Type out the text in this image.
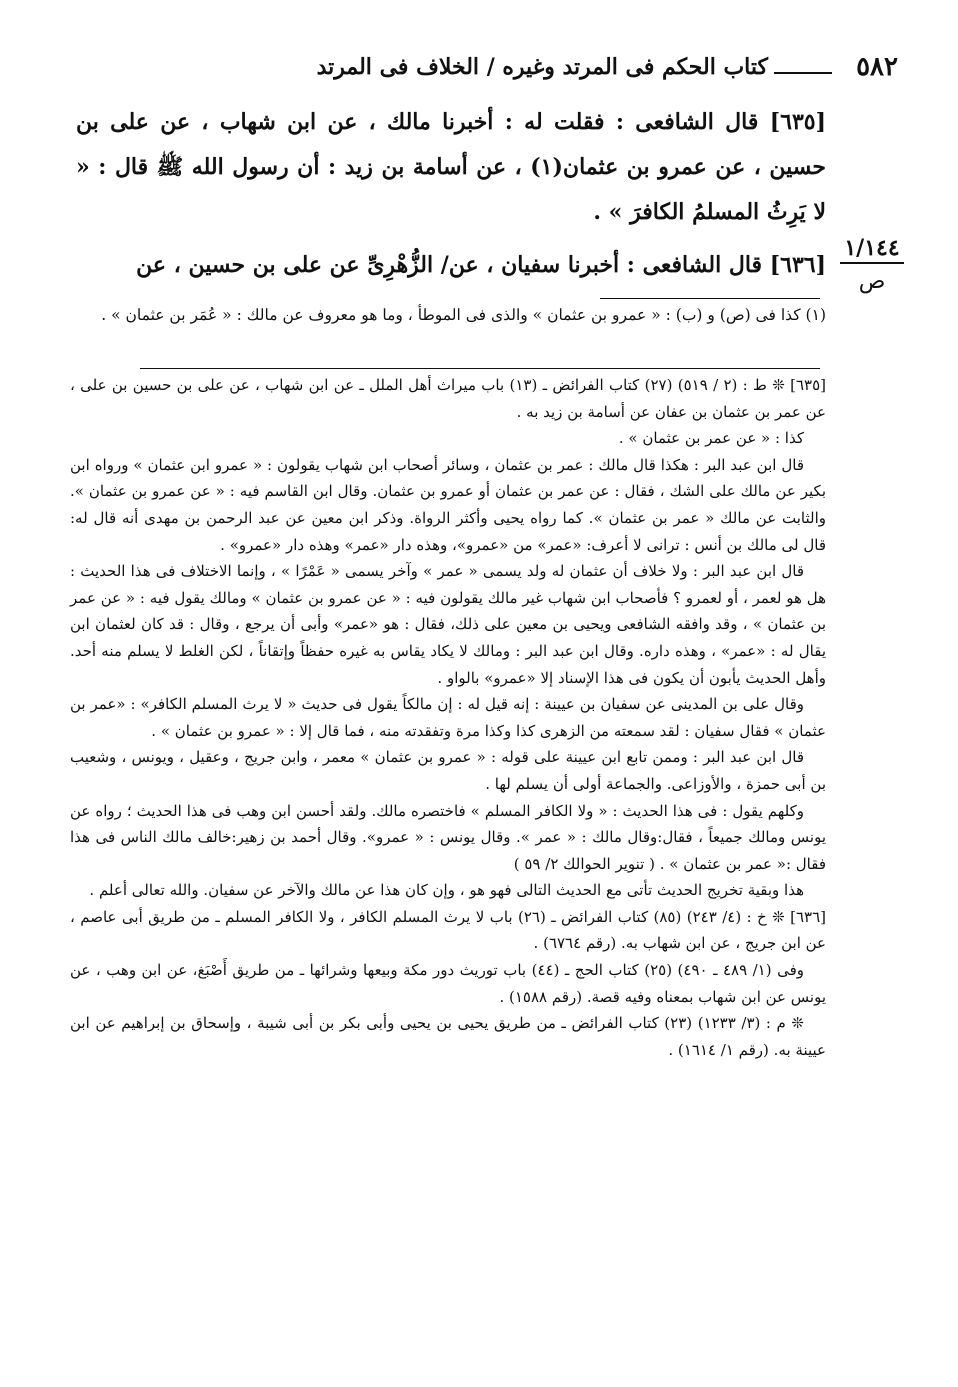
٥٨٢
كتاب الحكم فى المرتد وغيره / الخلاف فى المرتد

[٦٣٥] قال الشافعى : فقلت له : أخبرنا مالك ، عن ابن شهاب ، عن على بن حسين ، عن عمرو بن عثمان(١) ، عن أسامة بن زيد : أن رسول الله ﷺ قال : « لا يَرِثُ المسلمُ الكافرَ » .

[٦٣٦] قال الشافعى : أخبرنا سفيان ، عن/ الزُّهْرِىِّ عن على بن حسين ، عن

١/١٤٤
ص
(١) كذا فى (ص) و (ب) : « عمرو بن عثمان » والذى فى الموطأ ، وما هو معروف عن مالك : « عُمَر بن عثمان » .

[٦٣٥] ❊ ط : (٢ / ٥١٩) (٢٧) كتاب الفرائض ـ (١٣) باب ميراث أهل الملل ـ عن ابن شهاب ، عن على بن حسين بن على ، عن عمر بن عثمان بن عفان عن أسامة بن زيد به .

كذا : « عن عمر بن عثمان » .

قال ابن عبد البر : هكذا قال مالك : عمر بن عثمان ، وسائر أصحاب ابن شهاب يقولون : « عمرو ابن عثمان » ورواه ابن بكير عن مالك على الشك ، فقال : عن عمر بن عثمان أو عمرو بن عثمان. وقال ابن القاسم فيه : « عن عمرو بن عثمان ». والثابت عن مالك « عمر بن عثمان ». كما رواه يحيى وأكثر الرواة. وذكر ابن معين عن عبد الرحمن بن مهدى أنه قال له: قال لى مالك بن أنس : ترانى لا أعرف: «عمر» من «عمرو»، وهذه دار «عمر» وهذه دار «عمرو» .

قال ابن عبد البر : ولا خلاف أن عثمان له ولد يسمى « عمر » وآخر يسمى « عَمْرًا » ، وإنما الاختلاف فى هذا الحديث : هل هو لعمر ، أو لعمرو ؟ فأصحاب ابن شهاب غير مالك يقولون فيه : « عن عمرو بن عثمان » ومالك يقول فيه : « عن عمر بن عثمان » ، وقد وافقه الشافعى ويحيى بن معين على ذلك، فقال : هو «عمر» وأبى أن يرجع ، وقال : قد كان لعثمان ابن يقال له : «عمر» ، وهذه داره. وقال ابن عبد البر : ومالك لا يكاد يقاس به غيره حفظاً وإتقاناً ، لكن الغلط لا يسلم منه أحد. وأهل الحديث يأبون أن يكون فى هذا الإسناد إلا «عمرو» بالواو .

وقال على بن المدينى عن سفيان بن عيينة : إنه قيل له : إن مالكاً يقول فى حديث « لا يرث المسلم الكافر» : «عمر بن عثمان » فقال سفيان : لقد سمعته من الزهرى كذا وكذا مرة وتفقدته منه ، فما قال إلا : « عمرو بن عثمان » .

قال ابن عبد البر : وممن تابع ابن عيينة على قوله : « عمرو بن عثمان » معمر ، وابن جريج ، وعقيل ، ويونس ، وشعيب بن أبى حمزة ، والأوزاعى. والجماعة أولى أن يسلم لها .

وكلهم يقول : فى هذا الحديث : « ولا الكافر المسلم » فاختصره مالك. ولقد أحسن ابن وهب فى هذا الحديث ؛ رواه عن يونس ومالك جميعاً ، فقال:وقال مالك : « عمر ». وقال يونس : « عمرو». وقال أحمد بن زهير:خالف مالك الناس فى هذا فقال :« عمر بن عثمان » . ( تنوير الحوالك ٢/ ٥٩ )

هذا وبقية تخريج الحديث تأتى مع الحديث التالى فهو هو ، وإن كان هذا عن مالك والآخر عن سفيان. والله تعالى أعلم .

[٦٣٦] ❊ خ : (٤/ ٢٤٣) (٨٥) كتاب الفرائض ـ (٢٦) باب لا يرث المسلم الكافر ، ولا الكافر المسلم ـ من طريق أبى عاصم ، عن ابن جريج ، عن ابن شهاب به. (رقم ٦٧٦٤) .

وفى (١/ ٤٨٩ ـ ٤٩٠) (٢٥) كتاب الحج ـ (٤٤) باب توريث دور مكة وبيعها وشرائها ـ من طريق أَصْبَغ، عن ابن وهب ، عن يونس عن ابن شهاب بمعناه وفيه قصة. (رقم ١٥٨٨) .

❊ م : (٣/ ١٢٣٣) (٢٣) كتاب الفرائض ـ من طريق يحيى بن يحيى وأبى بكر بن أبى شيبة ، وإسحاق بن إبراهيم عن ابن عيينة به. (رقم ١/ ١٦١٤) .
